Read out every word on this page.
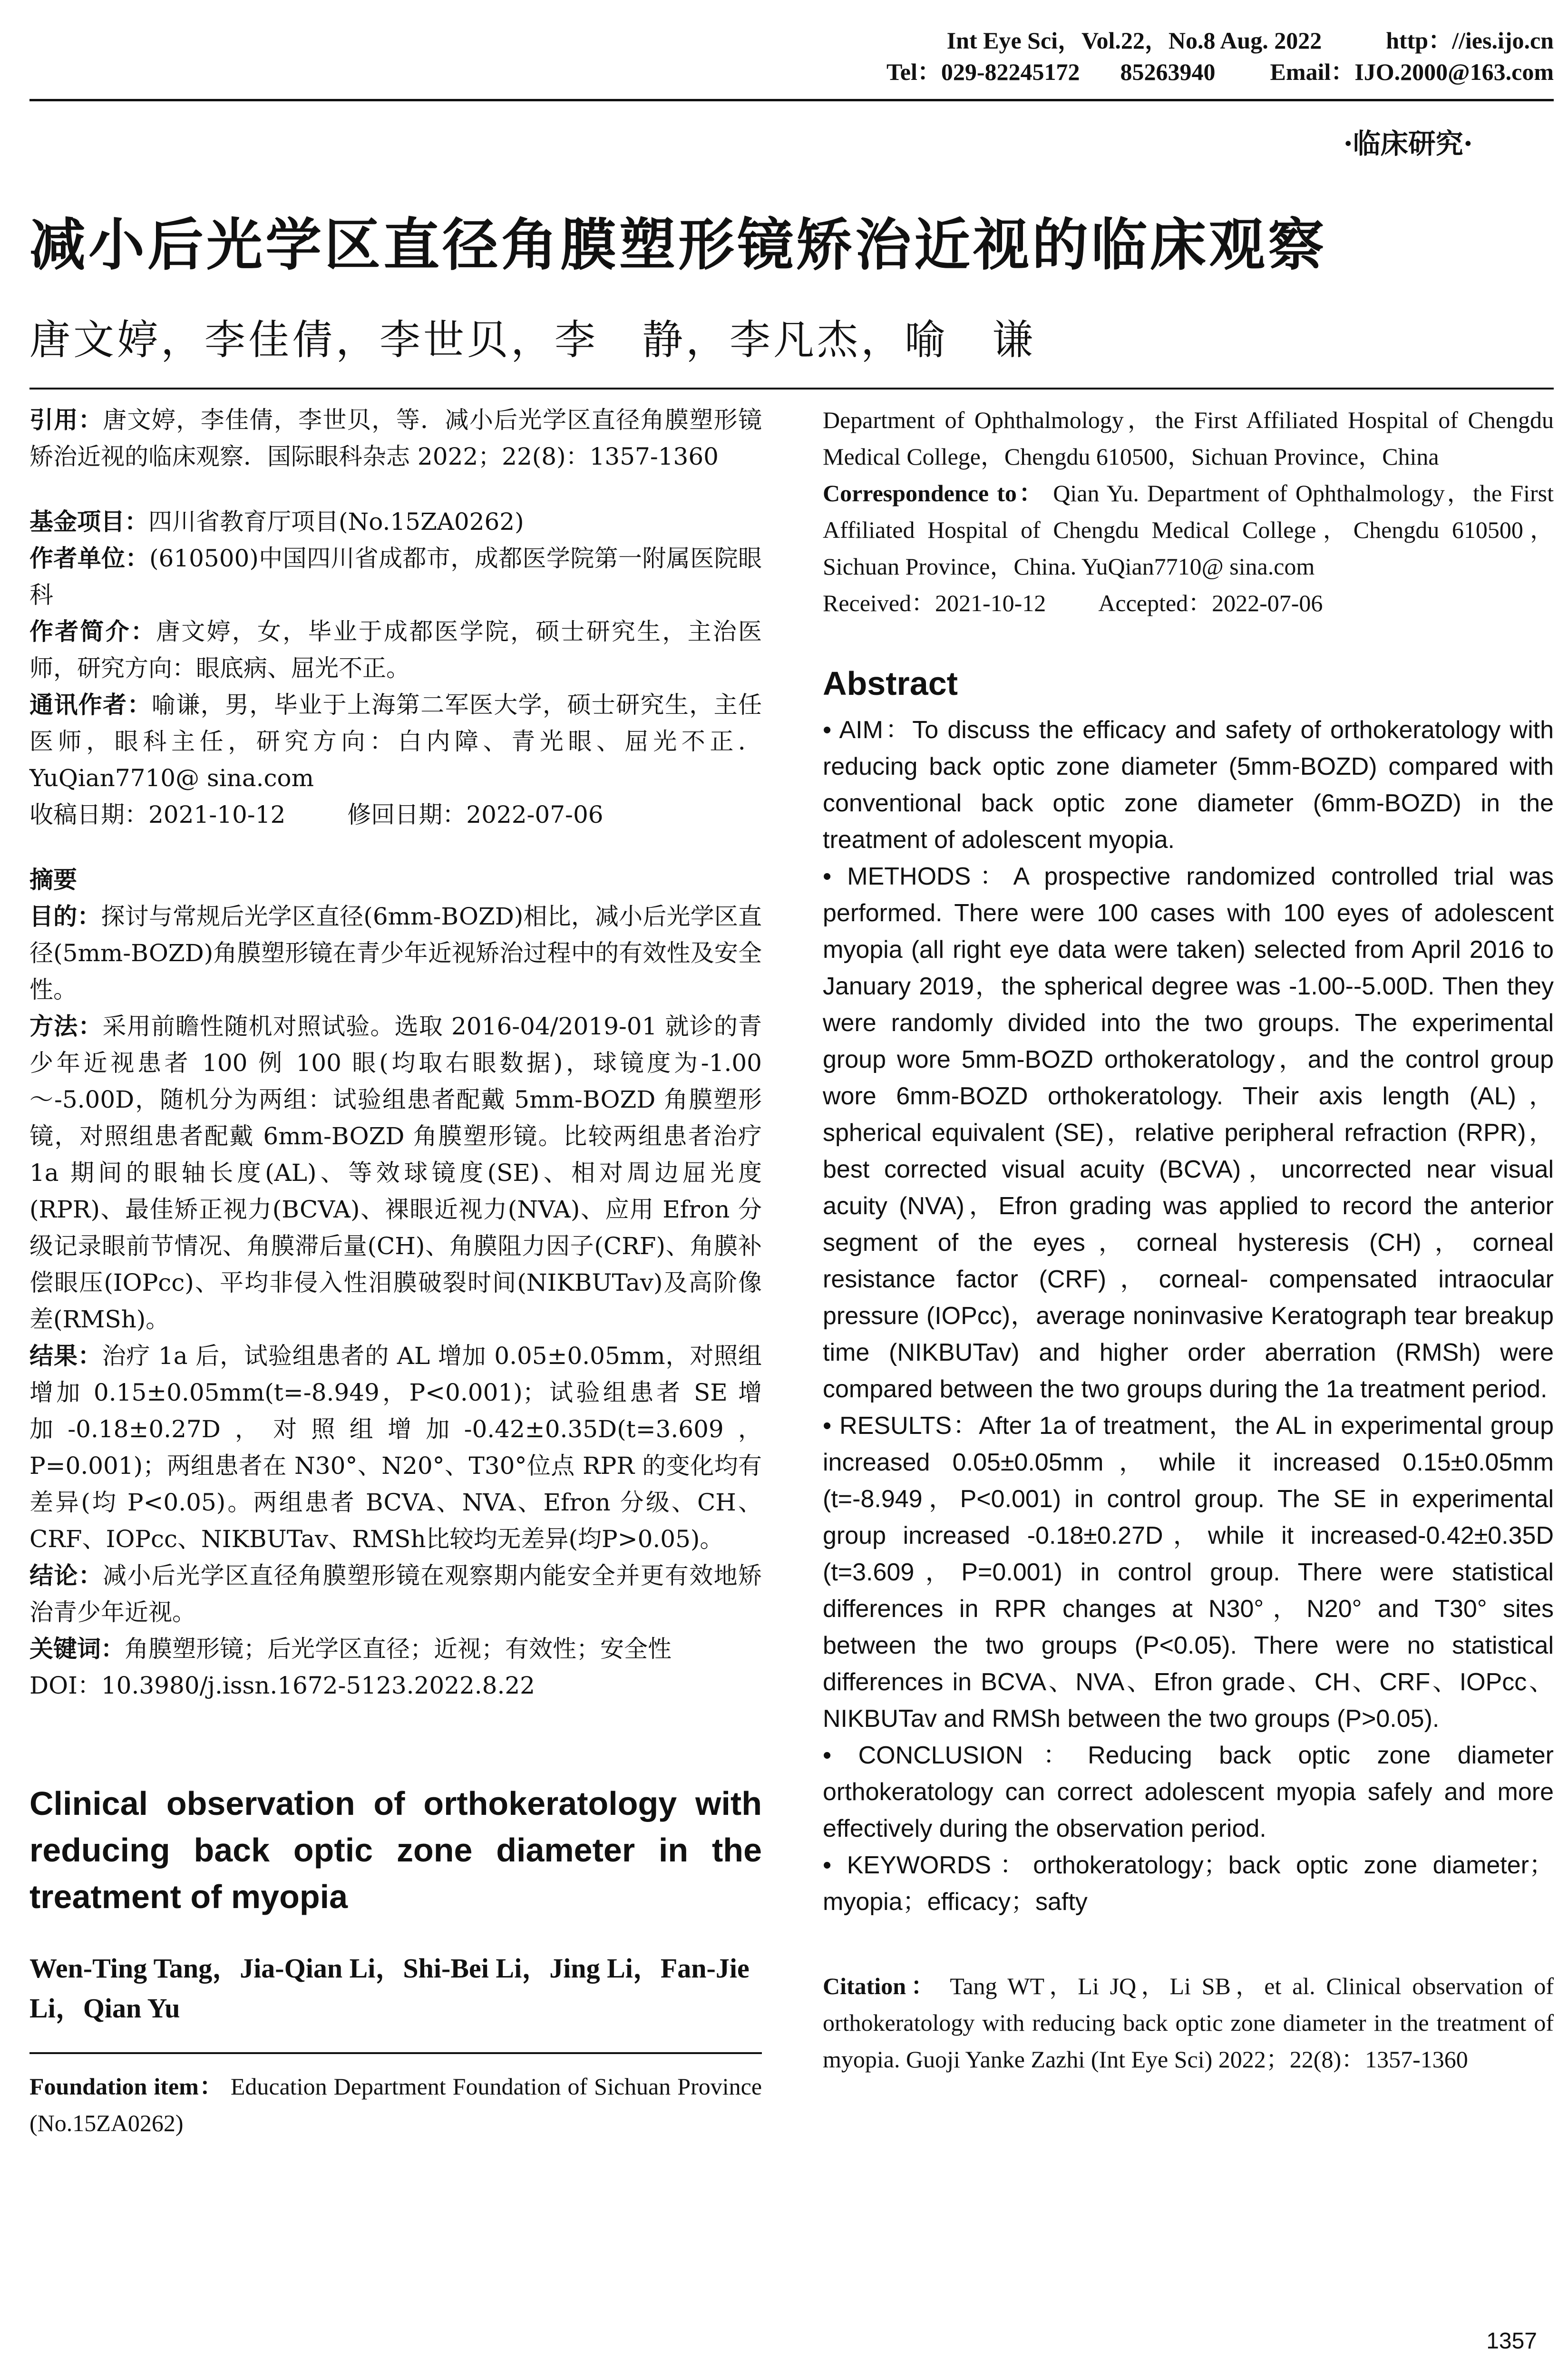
Int Eye Sci，Vol.22，No.8 Aug. 2022	http：//ies.ijo.cn
Tel：029-82245172 85263940 Email：IJO.2000@163.com
·临床研究·
减小后光学区直径角膜塑形镜矫治近视的临床观察
唐文婷，李佳倩，李世贝，李　静，李凡杰，喻　谦

引用：唐文婷，李佳倩，李世贝，等．减小后光学区直径角膜塑形镜矫治近视的临床观察．国际眼科杂志 2022；22(8)：1357-1360

基金项目：四川省教育厅项目(No.15ZA0262)

作者单位：(610500)中国四川省成都市，成都医学院第一附属医院眼科

作者简介：唐文婷，女，毕业于成都医学院，硕士研究生，主治医师，研究方向：眼底病、屈光不正。

通讯作者：喻谦，男，毕业于上海第二军医大学，硕士研究生，主任医师，眼科主任，研究方向：白内障、青光眼、屈光不正．YuQian7710@ sina.com

收稿日期：2021-10-12	修回日期：2022-07-06

摘要

目的：探讨与常规后光学区直径(6mm-BOZD)相比，减小后光学区直径(5mm-BOZD)角膜塑形镜在青少年近视矫治过程中的有效性及安全性。

方法：采用前瞻性随机对照试验。选取 2016-04/2019-01 就诊的青少年近视患者 100 例 100 眼(均取右眼数据)，球镜度为-1.00～-5.00D，随机分为两组：试验组患者配戴 5mm-BOZD 角膜塑形镜，对照组患者配戴 6mm-BOZD 角膜塑形镜。比较两组患者治疗 1a 期间的眼轴长度(AL)、等效球镜度(SE)、相对周边屈光度(RPR)、最佳矫正视力(BCVA)、裸眼近视力(NVA)、应用 Efron 分级记录眼前节情况、角膜滞后量(CH)、角膜阻力因子(CRF)、角膜补偿眼压(IOPcc)、平均非侵入性泪膜破裂时间(NIKBUTav)及高阶像差(RMSh)。

结果：治疗 1a 后，试验组患者的 AL 增加 0.05±0.05mm，对照组增加 0.15±0.05mm(t=-8.949，P<0.001)；试验组患者 SE 增加-0.18±0.27D，对照组增加-0.42±0.35D(t=3.609，P=0.001)；两组患者在 N30°、N20°、T30°位点 RPR 的变化均有差异(均 P<0.05)。两组患者 BCVA、NVA、Efron 分级、CH、CRF、IOPcc、NIKBUTav、RMSh比较均无差异(均P>0.05)。

结论：减小后光学区直径角膜塑形镜在观察期内能安全并更有效地矫治青少年近视。

关键词：角膜塑形镜；后光学区直径；近视；有效性；安全性

DOI：10.3980/j.issn.1672-5123.2022.8.22

Clinical observation of orthokeratology with reducing back optic zone diameter in the treatment of myopia
Wen-Ting Tang，Jia-Qian Li，Shi-Bei Li，Jing Li，Fan-Jie Li，Qian Yu

Foundation item： Education Department Foundation of Sichuan Province (No.15ZA0262)

Department of Ophthalmology，the First Affiliated Hospital of Chengdu Medical College，Chengdu 610500，Sichuan Province，China

Correspondence to： Qian Yu. Department of Ophthalmology，the First Affiliated Hospital of Chengdu Medical College，Chengdu 610500，Sichuan Province，China. YuQian7710@ sina.com

Received：2021-10-12 Accepted：2022-07-06

Abstract

• AIM：To discuss the efficacy and safety of orthokeratology with reducing back optic zone diameter (5mm-BOZD) compared with conventional back optic zone diameter (6mm-BOZD) in the treatment of adolescent myopia.

• METHODS：A prospective randomized controlled trial was performed. There were 100 cases with 100 eyes of adolescent myopia (all right eye data were taken) selected from April 2016 to January 2019，the spherical degree was -1.00--5.00D. Then they were randomly divided into the two groups. The experimental group wore 5mm-BOZD orthokeratology，and the control group wore 6mm-BOZD orthokeratology. Their axis length (AL)，spherical equivalent (SE)，relative peripheral refraction (RPR)，best corrected visual acuity (BCVA)，uncorrected near visual acuity (NVA)，Efron grading was applied to record the anterior segment of the eyes，corneal hysteresis (CH)，corneal resistance factor (CRF)，corneal- compensated intraocular pressure (IOPcc)，average noninvasive Keratograph tear breakup time (NIKBUTav) and higher order aberration (RMSh) were compared between the two groups during the 1a treatment period.

• RESULTS：After 1a of treatment，the AL in experimental group increased 0.05±0.05mm，while it increased 0.15±0.05mm (t=-8.949，P<0.001) in control group. The SE in experimental group increased -0.18±0.27D，while it increased-0.42±0.35D (t=3.609，P=0.001) in control group. There were statistical differences in RPR changes at N30°，N20° and T30° sites between the two groups (P<0.05). There were no statistical differences in BCVA、NVA、Efron grade、CH、CRF、IOPcc、NIKBUTav and RMSh between the two groups (P>0.05).

• CONCLUSION：Reducing back optic zone diameter orthokeratology can correct adolescent myopia safely and more effectively during the observation period.

• KEYWORDS：orthokeratology；back optic zone diameter；myopia；efficacy；safty

Citation： Tang WT，Li JQ，Li SB，et al. Clinical observation of orthokeratology with reducing back optic zone diameter in the treatment of myopia. Guoji Yanke Zazhi (Int Eye Sci) 2022；22(8)：1357-1360

1357
